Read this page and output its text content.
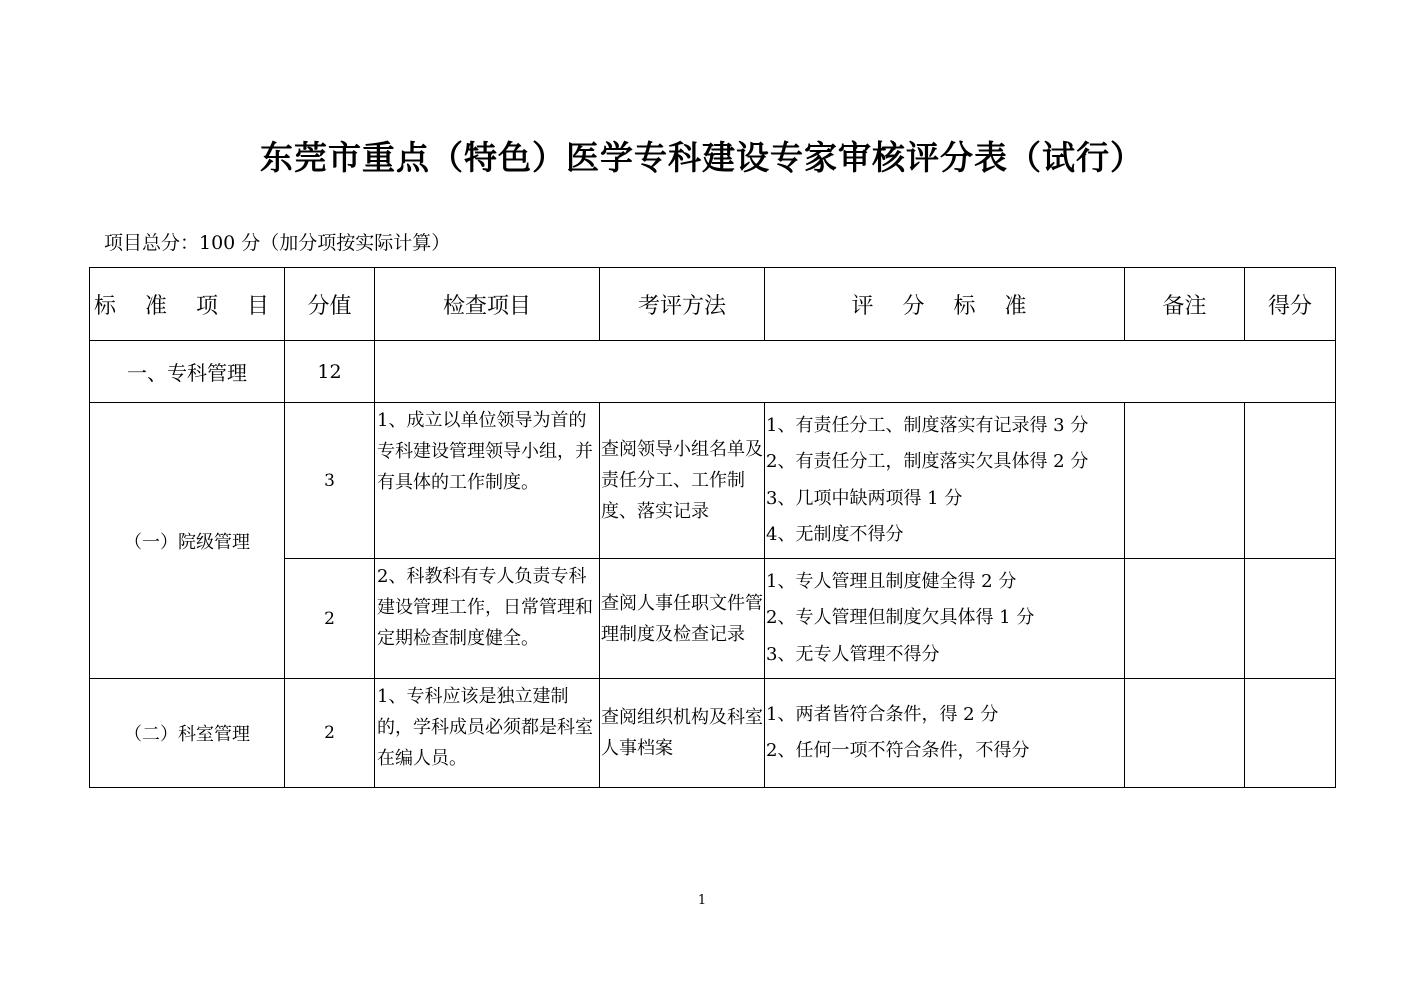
东莞市重点（特色）医学专科建设专家审核评分表（试行）
项目总分：100 分（加分项按实际计算）
标 准 项 目	分值	检查项目	考评方法	评 分 标 准	备注	得分
一、专科管理	12					
（一）院级管理	3	1、成立以单位领导为首的专科建设管理领导小组，并有具体的工作制度。	查阅领导小组名单及责任分工、工作制度、落实记录	1、有责任分工、制度落实有记录得 3 分
2、有责任分工，制度落实欠具体得 2 分
3、几项中缺两项得 1 分
4、无制度不得分		

	2	2、科教科有专人负责专科建设管理工作，日常管理和定期检查制度健全。	查阅人事任职文件管理制度及检查记录	1、专人管理且制度健全得 2 分
2、专人管理但制度欠具体得 1 分
3、无专人管理不得分		

（二）科室管理	2	1、专科应该是独立建制的，学科成员必须都是科室在编人员。	查阅组织机构及科室人事档案	1、两者皆符合条件，得 2 分
2、任何一项不符合条件，不得分		

1
